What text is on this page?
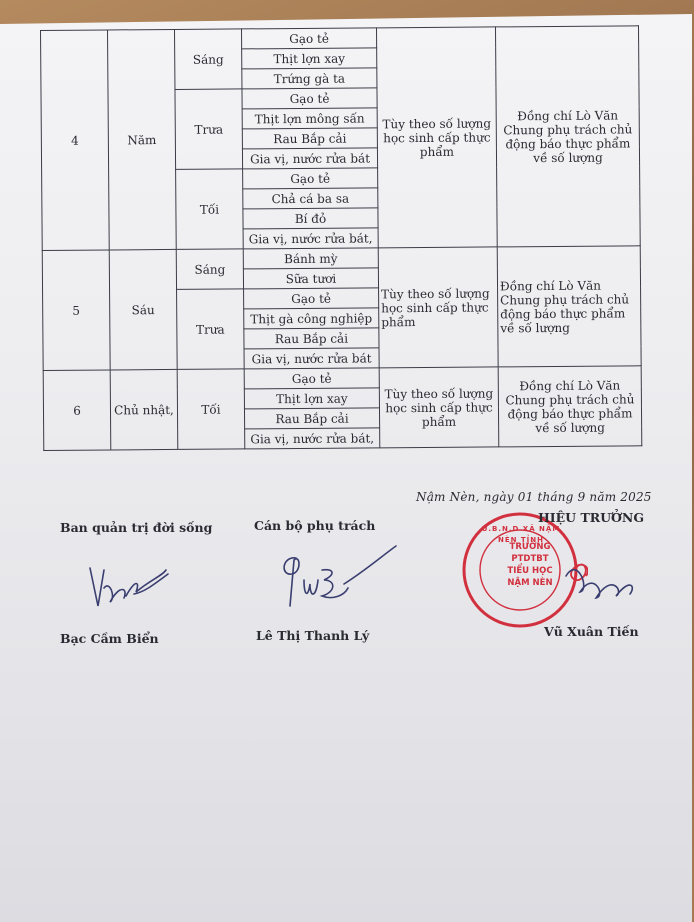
4	Năm	Sáng	Gạo tẻ	Tùy theo số lượng học sinh cấp thực phẩm	Đồng chí Lò Văn Chung phụ trách chủ động báo thực phẩm về số lượng
			Thịt lợn xay		
			Trứng gà ta		
		Trưa	Gạo tẻ		
			Thịt lợn mông sấn		
			Rau Bắp cải		
			Gia vị, nước rửa bát		
		Tối	Gạo tẻ		
			Chả cá ba sa		
			Bí đỏ		
			Gia vị, nước rửa bát,		
5	Sáu	Sáng	Bánh mỳ	Tùy theo số lượng học sinh cấp thực phẩm	Đồng chí Lò Văn Chung phụ trách chủ động báo thực phẩm về số lượng
			Sữa tươi		
		Trưa	Gạo tẻ		
			Thịt gà công nghiệp		
			Rau Bắp cải		
			Gia vị, nước rửa bát		
6	Chủ nhật,	Tối	Gạo tẻ	Tùy theo số lượng học sinh cấp thực phẩm	Đồng chí Lò Văn Chung phụ trách chủ động báo thực phẩm về số lượng
			Thịt lợn xay		
			Rau Bắp cải		
			Gia vị, nước rửa bát,		
Nậm Nèn, ngày 01 tháng 9 năm 2025
Ban quản trị đời sống	Cán bộ phụ trách
Bạc Cầm Biển	Lê Thị Thanh Lý
U.B.N.D XÃ NẬM NÈN TỈNH
TRƯỜNG
PTDTBT
TIỂU HỌC
NẬM NÈN
HIỆU TRƯỞNG
Vũ Xuân Tiến
